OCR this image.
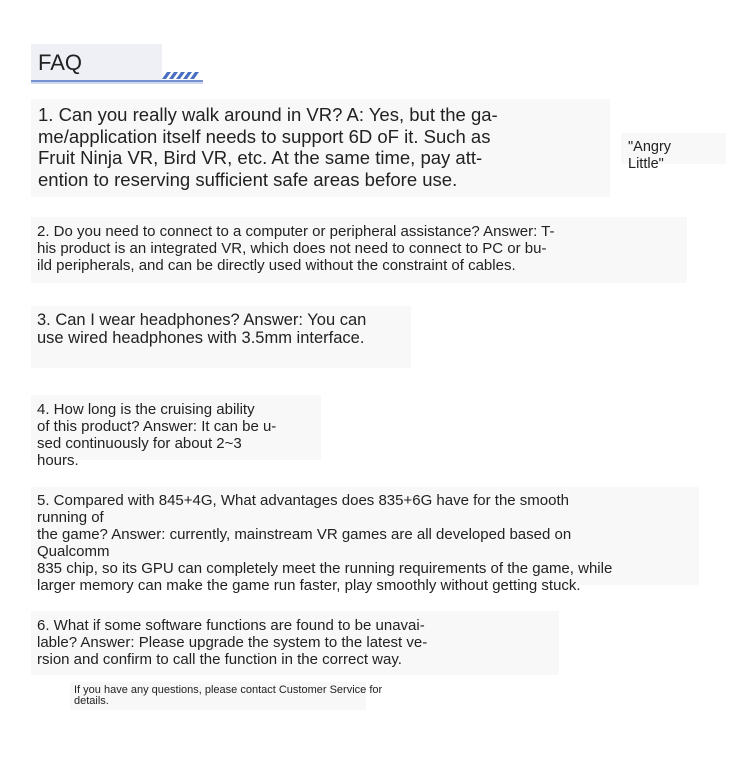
FAQ
"Angry
Little"
1. Can you really walk around in VR? A: Yes, but the ga-
me/application itself needs to support 6D oF it. Such as
Fruit Ninja VR, Bird VR, etc. At the same time, pay att-
ention to reserving sufficient safe areas before use.
2. Do you need to connect to a computer or peripheral assistance? Answer: T-
his product is an integrated VR, which does not need to connect to PC or bu-
ild peripherals, and can be directly used without the constraint of cables.
3. Can I wear headphones? Answer: You can
use wired headphones with 3.5mm interface.
4. How long is the cruising ability
of this product? Answer: It can be u-
sed continuously for about 2~3
hours.
5. Compared with 845+4G, What advantages does 835+6G have for the smooth
running of
the game? Answer: currently, mainstream VR games are all developed based on
Qualcomm
835 chip, so its GPU can completely meet the running requirements of the game, while
larger memory can make the game run faster, play smoothly without getting stuck.
6. What if some software functions are found to be unavai-
lable? Answer: Please upgrade the system to the latest ve-
rsion and confirm to call the function in the correct way.
If you have any questions, please contact Customer Service for
details.
